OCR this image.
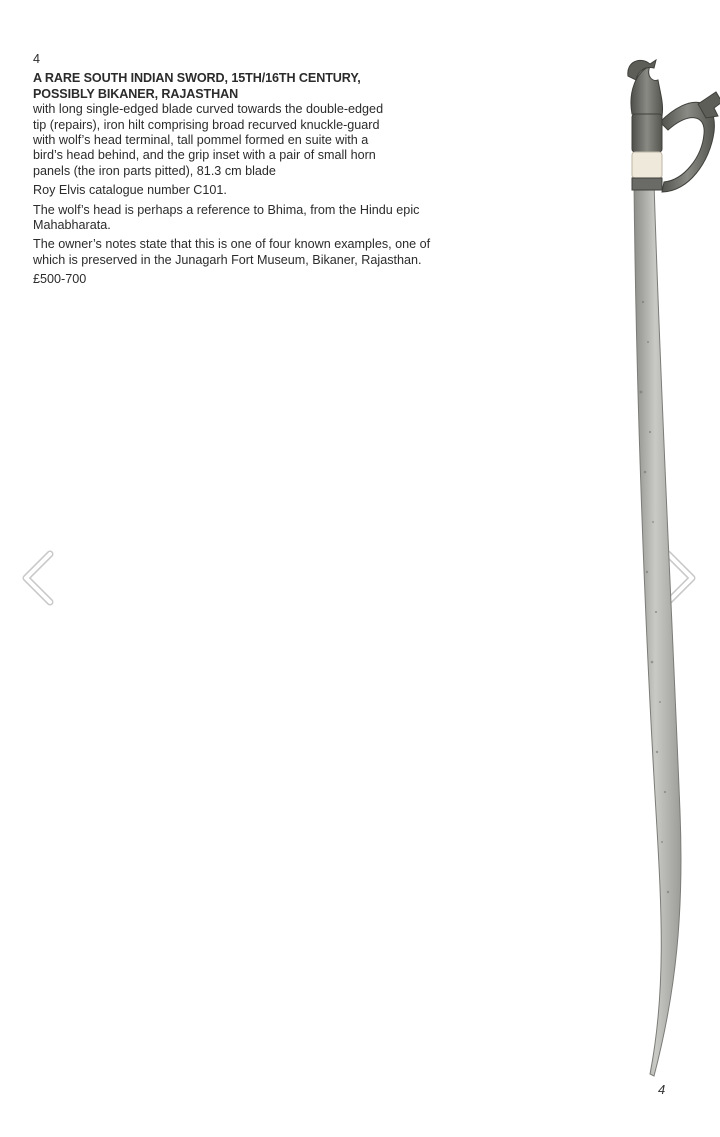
4
A RARE SOUTH INDIAN SWORD, 15TH/16TH CENTURY,
POSSIBLY BIKANER, RAJASTHAN
with long single-edged blade curved towards the double-edged
tip (repairs), iron hilt comprising broad recurved knuckle-guard
with wolf’s head terminal, tall pommel formed en suite with a
bird’s head behind, and the grip inset with a pair of small horn
panels (the iron parts pitted), 81.3 cm blade
Roy Elvis catalogue number C101.
The wolf’s head is perhaps a reference to Bhima, from the Hindu epic Mahabharata.
The owner’s notes state that this is one of four known examples, one of which is preserved in the Junagarh Fort Museum, Bikaner, Rajasthan.
£500-700
4
